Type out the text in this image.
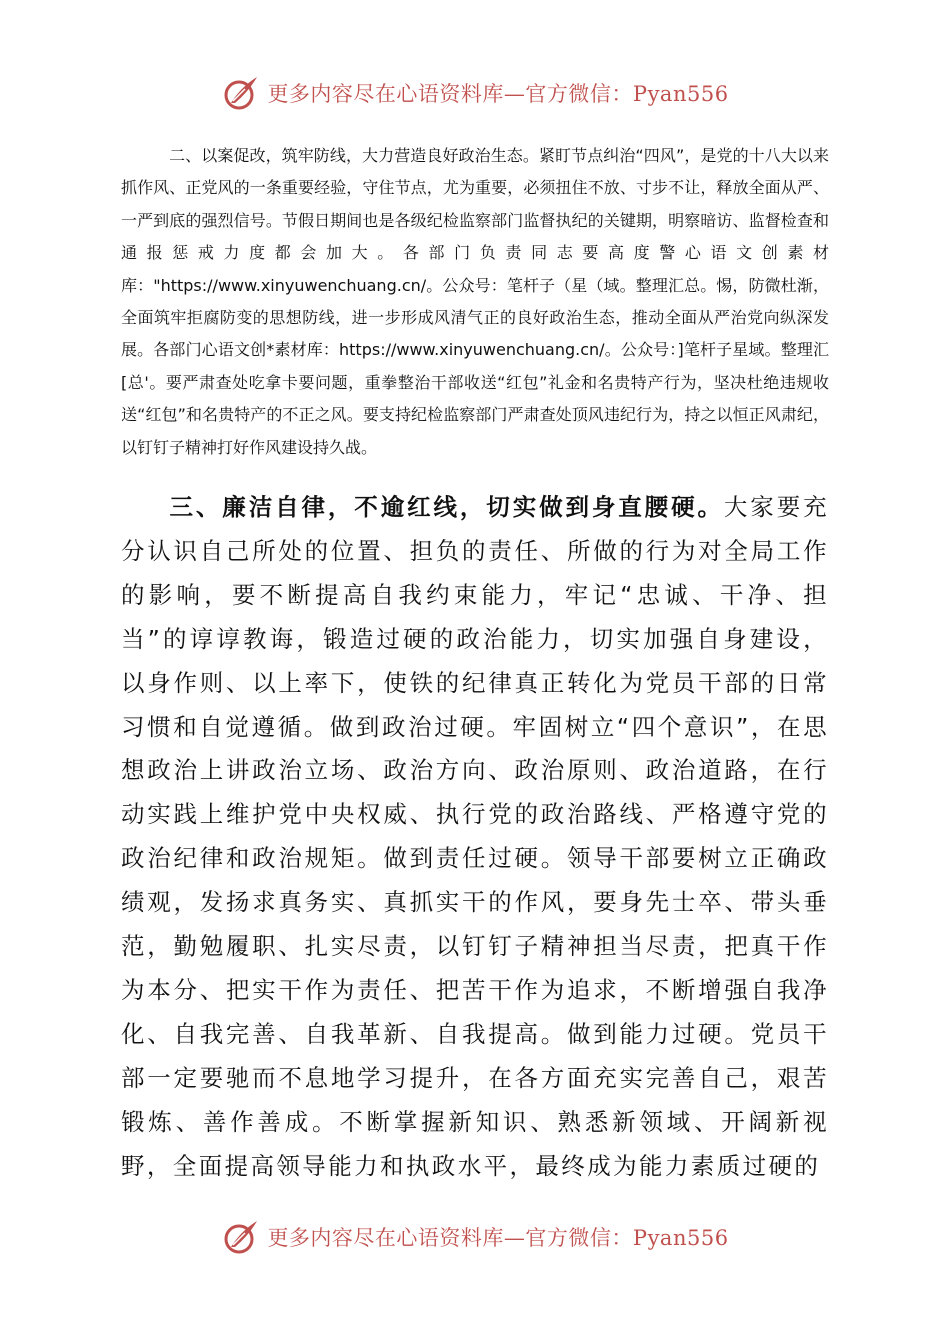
更多内容尽在心语资料库—官方微信：Pyan556
二、以案促改，筑牢防线，大力营造良好政治生态。紧盯节点纠治“四风”，是党的十八大以来抓作风、正党风的一条重要经验，守住节点，尤为重要，必须扭住不放、寸步不让，释放全面从严、一严到底的强烈信号。节假日期间也是各级纪检监察部门监督执纪的关键期，明察暗访、监督检查和通报惩戒力度都会加大。各部门负责同志要高度警心语文创素材库："https://www.xinyuwenchuang.cn/。公众号：笔杆子（星（域。整理汇总。惕，防微杜渐，全面筑牢拒腐防变的思想防线，进一步形成风清气正的良好政治生态，推动全面从严治党向纵深发展。各部门心语文创*素材库：https://www.xinyuwenchuang.cn/。公众号：]笔杆子星域。整理汇[总'。要严肃查处吃拿卡要问题，重拳整治干部收送“红包”礼金和名贵特产行为，坚决杜绝违规收送“红包”和名贵特产的不正之风。要支持纪检监察部门严肃查处顶风违纪行为，持之以恒正风肃纪，以钉钉子精神打好作风建设持久战。
三、廉洁自律，不逾红线，切实做到身直腰硬。大家要充分认识自己所处的位置、担负的责任、所做的行为对全局工作的影响，要不断提高自我约束能力，牢记“忠诚、干净、担当”的谆谆教诲，锻造过硬的政治能力，切实加强自身建设，以身作则、以上率下，使铁的纪律真正转化为党员干部的日常习惯和自觉遵循。做到政治过硬。牢固树立“四个意识”，在思想政治上讲政治立场、政治方向、政治原则、政治道路，在行动实践上维护党中央权威、执行党的政治路线、严格遵守党的政治纪律和政治规矩。做到责任过硬。领导干部要树立正确政绩观，发扬求真务实、真抓实干的作风，要身先士卒、带头垂范，勤勉履职、扎实尽责，以钉钉子精神担当尽责，把真干作为本分、把实干作为责任、把苦干作为追求，不断增强自我净化、自我完善、自我革新、自我提高。做到能力过硬。党员干部一定要驰而不息地学习提升，在各方面充实完善自己，艰苦锻炼、善作善成。不断掌握新知识、熟悉新领域、开阔新视野，全面提高领导能力和执政水平，最终成为能力素质过硬的
更多内容尽在心语资料库—官方微信：Pyan556
